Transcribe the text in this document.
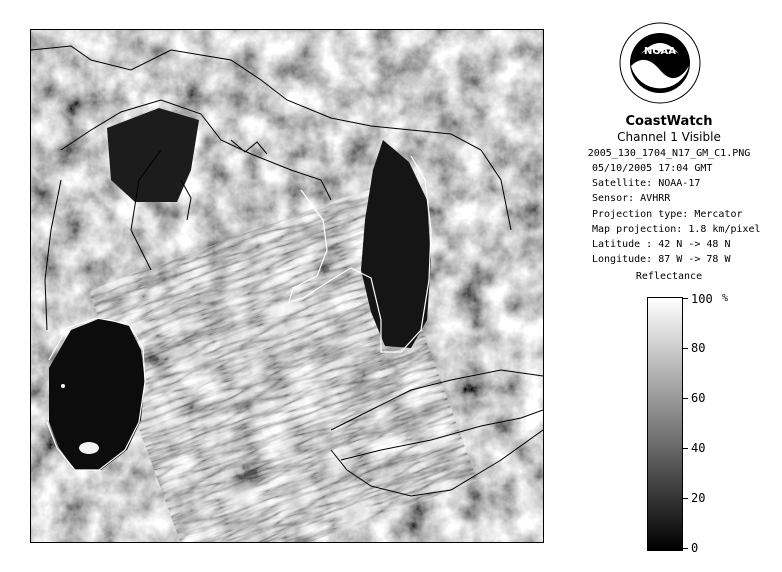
NOAA
CoastWatch
Channel 1 Visible
2005_130_1704_N17_GM_C1.PNG
05/10/2005 17:04 GMT
Satellite: NOAA-17
Sensor: AVHRR
Projection type: Mercator
Map projection: 1.8 km/pixel
Latitude : 42 N -> 48 N
Longitude: 87 W -> 78 W
Reflectance
%
100
80
60
40
20
0
